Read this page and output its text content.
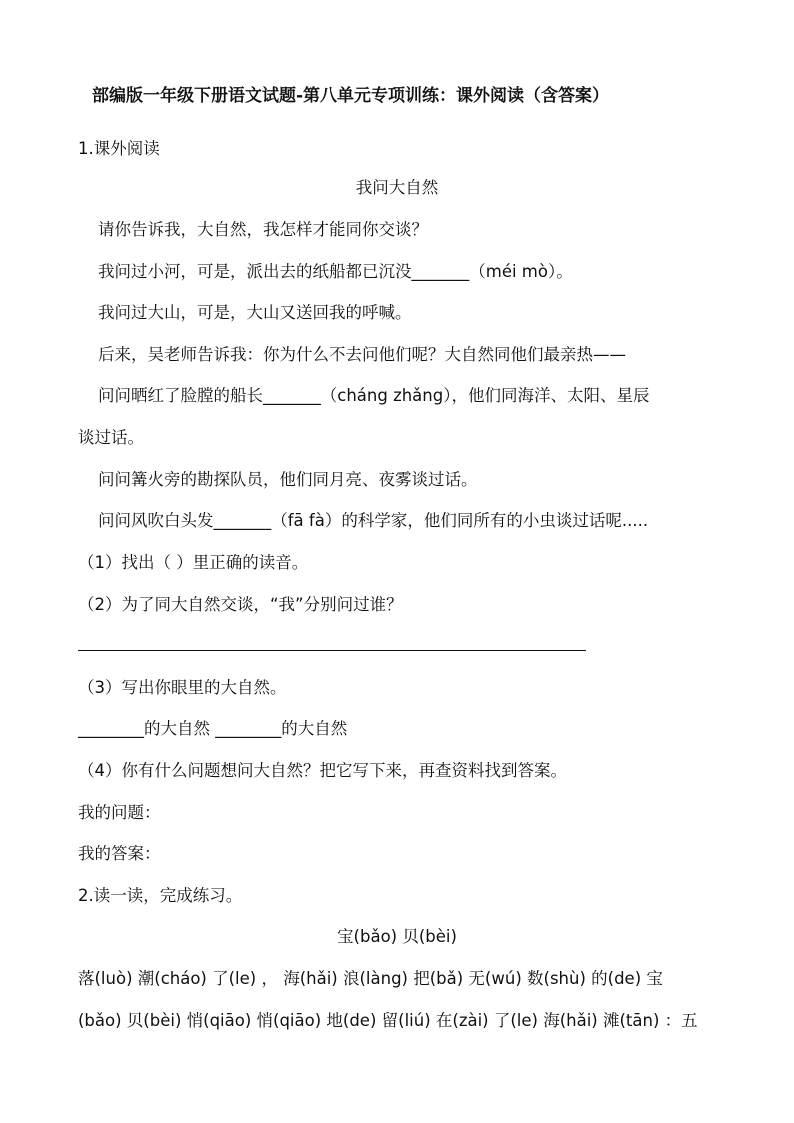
部编版一年级下册语文试题-第八单元专项训练：课外阅读（含答案）
1.课外阅读
我问大自然
请你告诉我，大自然，我怎样才能同你交谈？
我问过小河，可是，派出去的纸船都已沉没_______（méi mò）。
我问过大山，可是，大山又送回我的呼喊。
后来，吴老师告诉我：你为什么不去问他们呢？大自然同他们最亲热——
问问晒红了脸膛的船长_______（cháng zhǎng），他们同海洋、太阳、星辰
谈过话。
问问篝火旁的勘探队员，他们同月亮、夜雾谈过话。
问问风吹白头发_______（fā fà）的科学家，他们同所有的小虫谈过话呢.....
（1）找出（ ）里正确的读音。
（2）为了同大自然交谈，“我”分别问过谁？
（3）写出你眼里的大自然。
________的大自然 ________的大自然
（4）你有什么问题想问大自然？把它写下来，再查资料找到答案。
我的问题：
我的答案：
2.读一读，完成练习。
宝(bǎo) 贝(bèi)
落(luò) 潮(cháo) 了(le) ， 海(hǎi) 浪(làng) 把(bǎ) 无(wú) 数(shù) 的(de) 宝
(bǎo) 贝(bèi) 悄(qiāo) 悄(qiāo) 地(de) 留(liú) 在(zài) 了(le) 海(hǎi) 滩(tān) ：五
